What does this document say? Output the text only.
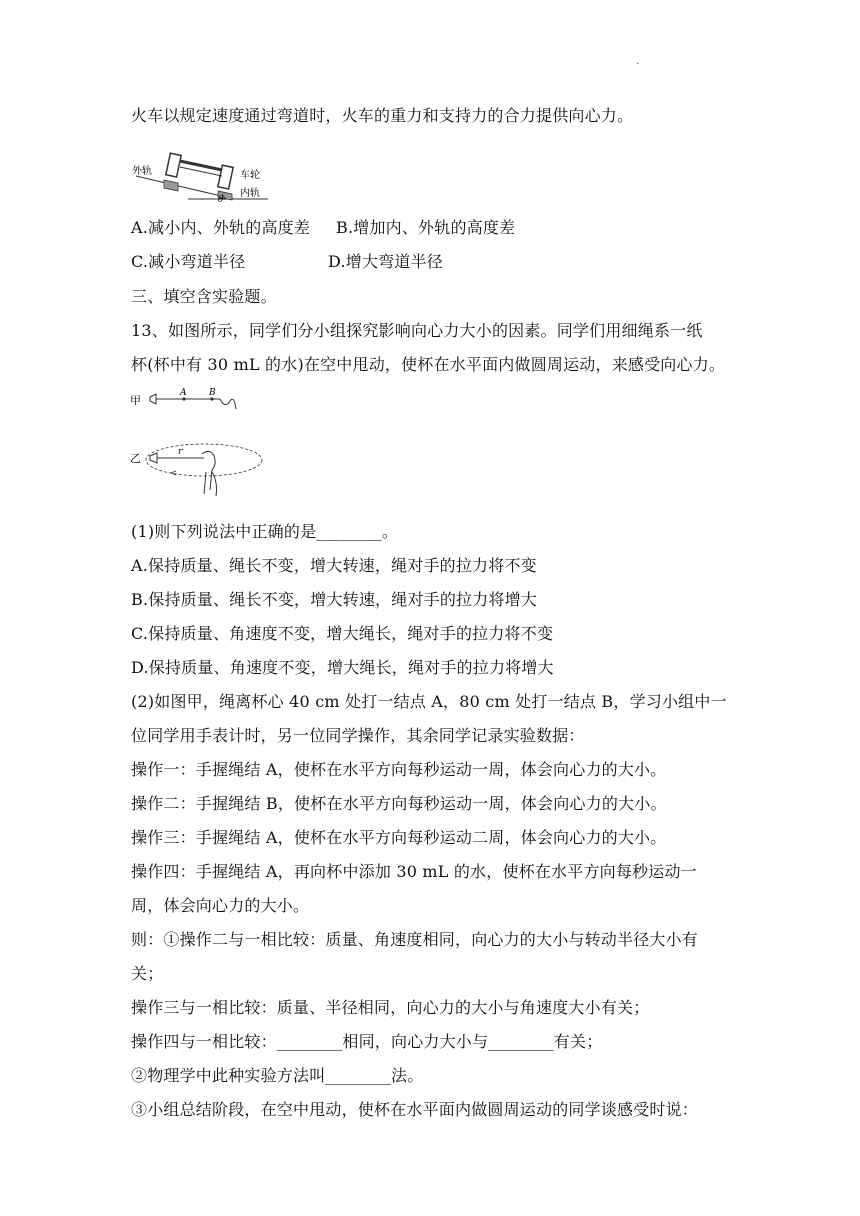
.
火车以规定速度通过弯道时，火车的重力和支持力的合力提供向心力。
外轨	车轮
内轨
θ
A.减小内、外轨的高度差 B.增加内、外轨的高度差
C.减小弯道半径	D.增大弯道半径
三、填空含实验题。
13、如图所示，同学们分小组探究影响向心力大小的因素。同学们用细绳系一纸
杯(杯中有 30 mL 的水)在空中甩动，使杯在水平面内做圆周运动，来感受向心力。
甲
A	B
乙	r
(1)则下列说法中正确的是________。
A.保持质量、绳长不变，增大转速，绳对手的拉力将不变
B.保持质量、绳长不变，增大转速，绳对手的拉力将增大
C.保持质量、角速度不变，增大绳长，绳对手的拉力将不变
D.保持质量、角速度不变，增大绳长，绳对手的拉力将增大
(2)如图甲，绳离杯心 40 cm 处打一结点 A，80 cm 处打一结点 B，学习小组中一
位同学用手表计时，另一位同学操作，其余同学记录实验数据：
操作一：手握绳结 A，使杯在水平方向每秒运动一周，体会向心力的大小。
操作二：手握绳结 B，使杯在水平方向每秒运动一周，体会向心力的大小。
操作三：手握绳结 A，使杯在水平方向每秒运动二周，体会向心力的大小。
操作四：手握绳结 A，再向杯中添加 30 mL 的水，使杯在水平方向每秒运动一
周，体会向心力的大小。
则：①操作二与一相比较：质量、角速度相同，向心力的大小与转动半径大小有
关；
操作三与一相比较：质量、半径相同，向心力的大小与角速度大小有关；
操作四与一相比较：________相同，向心力大小与________有关；
②物理学中此种实验方法叫________法。
③小组总结阶段，在空中甩动，使杯在水平面内做圆周运动的同学谈感受时说：
